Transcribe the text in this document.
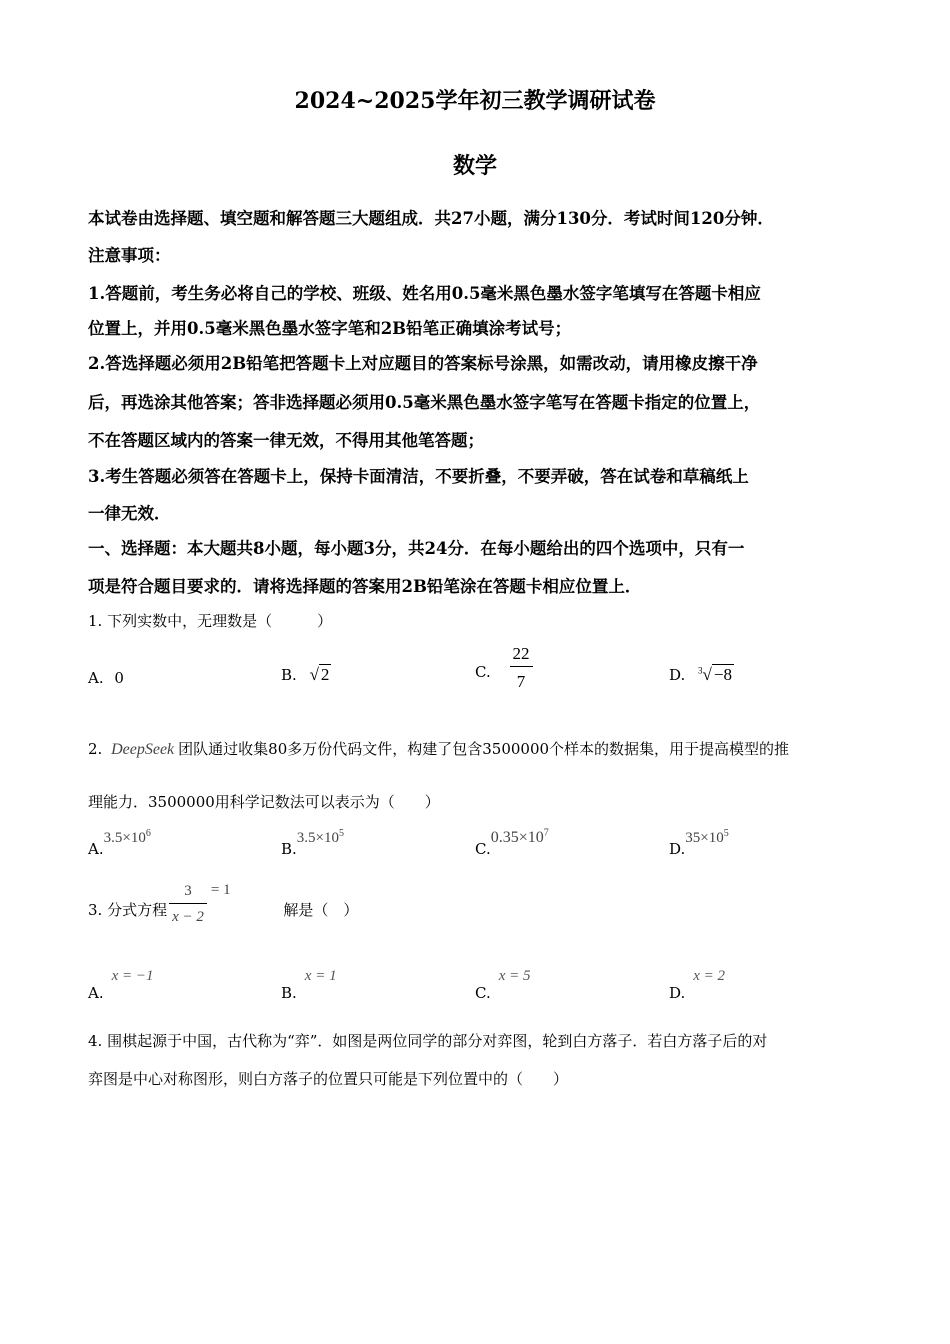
2024~2025学年初三教学调研试卷
数学
本试卷由选择题、填空题和解答题三大题组成．共27小题，满分130分．考试时间120分钟．
注意事项：
1.答题前，考生务必将自己的学校、班级、姓名用0.5毫米黑色墨水签字笔填写在答题卡相应
位置上，并用0.5毫米黑色墨水签字笔和2B铅笔正确填涂考试号；
2.答选择题必须用2B铅笔把答题卡上对应题目的答案标号涂黑，如需改动，请用橡皮擦干净
后，再选涂其他答案；答非选择题必须用0.5毫米黑色墨水签字笔写在答题卡指定的位置上，
不在答题区域内的答案一律无效，不得用其他笔答题；
3.考生答题必须答在答题卡上，保持卡面清洁，不要折叠，不要弄破，答在试卷和草稿纸上
一律无效．
一、选择题：本大题共8小题，每小题3分，共24分．在每小题给出的四个选项中，只有一
项是符合题目要求的．请将选择题的答案用2B铅笔涂在答题卡相应位置上．
1. 下列实数中，无理数是（　　　）
A. 0	B. √ 2	C. $\frac{22}{7}$	D. $^3$√ −8
2. DeepSeek 团队通过收集80多万份代码文件，构建了包含3500000个样本的数据集，用于提高模型的推
理能力．3500000用科学记数法可以表示为（　　）
$A.3.5\times 10^6$
$B.3.5\times 10^5$
$C.0.35\times 10^7$
$D.35\times 10^5$
3. 分式方程 $\frac{3}{x - 2} = 1$ 解是（　）
A.x = −1
B.x = 1
C.x = 5
D.x = 2
4. 围棋起源于中国，古代称为“弈”．如图是两位同学的部分对弈图，轮到白方落子．若白方落子后的对
弈图是中心对称图形，则白方落子的位置只可能是下列位置中的（　　）
